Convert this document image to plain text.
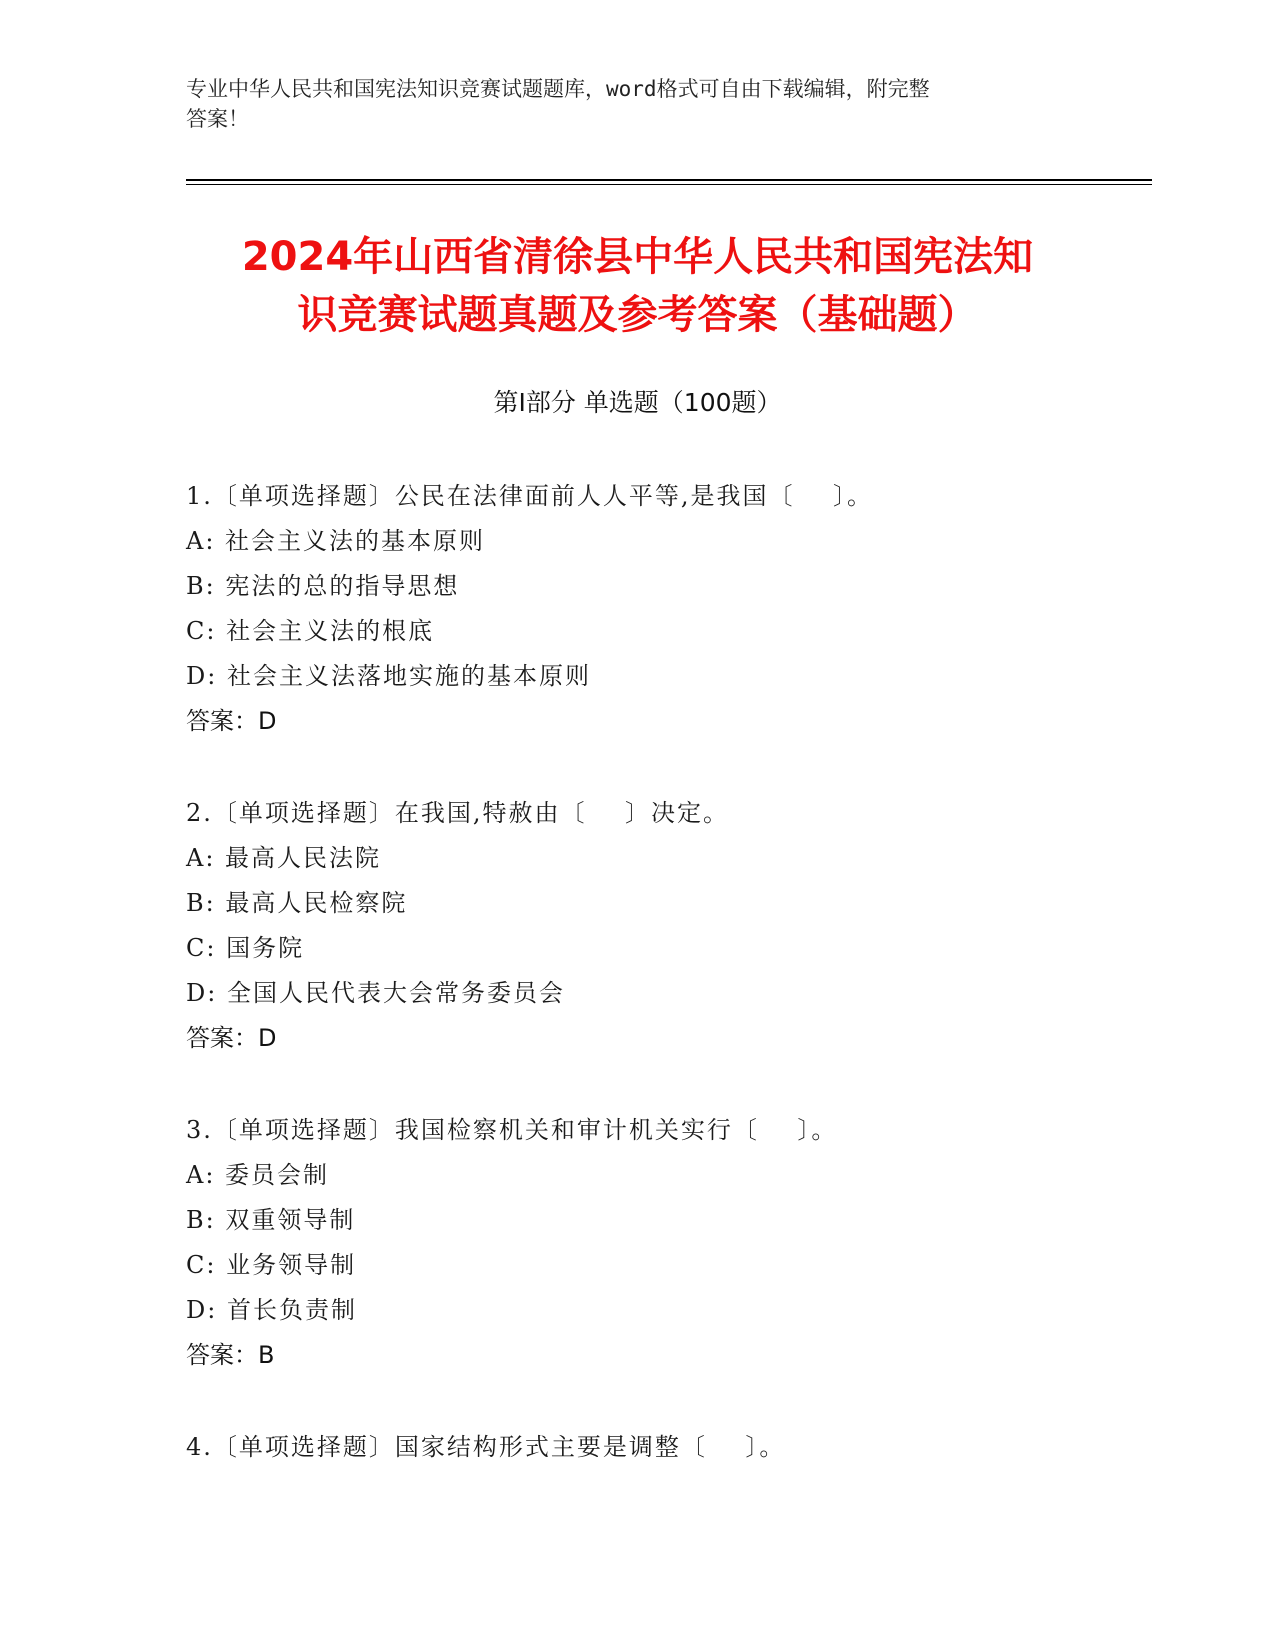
专业中华人民共和国宪法知识竞赛试题题库，word格式可自由下载编辑，附完整
答案！
2024年山西省清徐县中华人民共和国宪法知
识竞赛试题真题及参考答案（基础题）
第Ⅰ部分 单选题（100题）
1.〔单项选择题〕公民在法律面前人人平等,是我国〔    〕。
A: 社会主义法的基本原则
B: 宪法的总的指导思想
C: 社会主义法的根底
D: 社会主义法落地实施的基本原则
答案：D
2.〔单项选择题〕在我国,特赦由〔    〕决定。
A: 最高人民法院
B: 最高人民检察院
C: 国务院
D: 全国人民代表大会常务委员会
答案：D
3.〔单项选择题〕我国检察机关和审计机关实行〔    〕。
A: 委员会制
B: 双重领导制
C: 业务领导制
D: 首长负责制
答案：B
4.〔单项选择题〕国家结构形式主要是调整〔    〕。
